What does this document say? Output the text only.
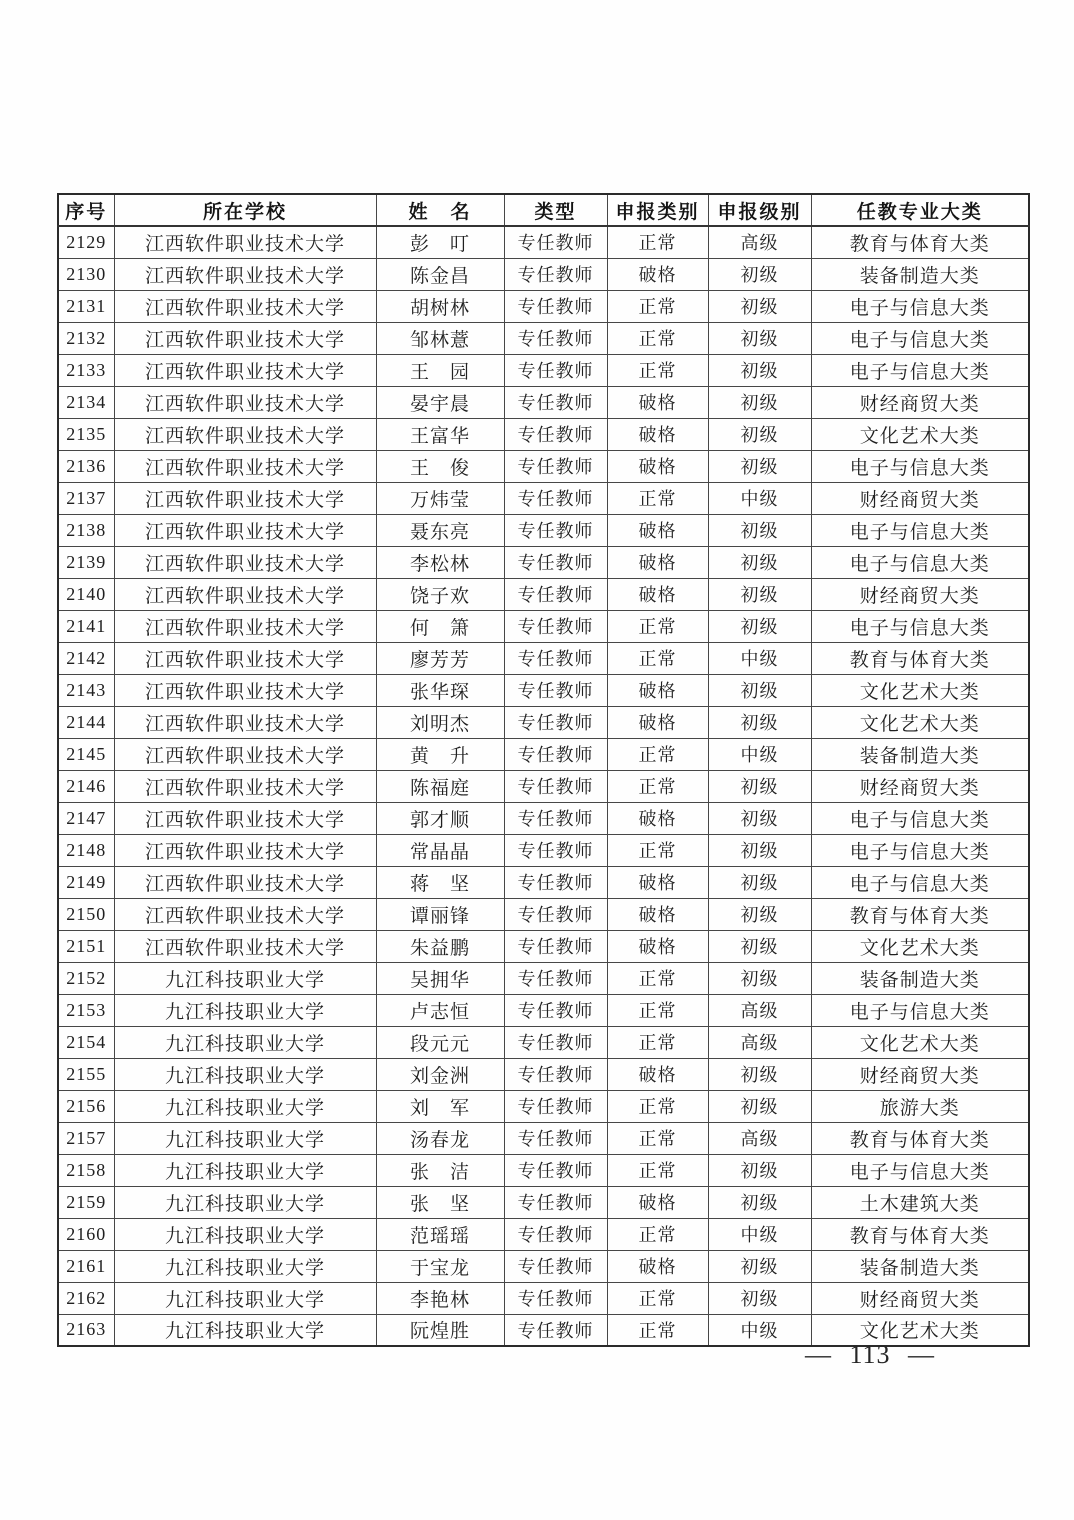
序号	所在学校	姓　名	类型	申报类别	申报级别	任教专业大类
2129	江西软件职业技术大学	彭　叮	专任教师	正常	高级	教育与体育大类
2130	江西软件职业技术大学	陈金昌	专任教师	破格	初级	装备制造大类
2131	江西软件职业技术大学	胡树林	专任教师	正常	初级	电子与信息大类
2132	江西软件职业技术大学	邹林薏	专任教师	正常	初级	电子与信息大类
2133	江西软件职业技术大学	王　园	专任教师	正常	初级	电子与信息大类
2134	江西软件职业技术大学	晏宇晨	专任教师	破格	初级	财经商贸大类
2135	江西软件职业技术大学	王富华	专任教师	破格	初级	文化艺术大类
2136	江西软件职业技术大学	王　俊	专任教师	破格	初级	电子与信息大类
2137	江西软件职业技术大学	万炜莹	专任教师	正常	中级	财经商贸大类
2138	江西软件职业技术大学	聂东亮	专任教师	破格	初级	电子与信息大类
2139	江西软件职业技术大学	李松林	专任教师	破格	初级	电子与信息大类
2140	江西软件职业技术大学	饶子欢	专任教师	破格	初级	财经商贸大类
2141	江西软件职业技术大学	何　箫	专任教师	正常	初级	电子与信息大类
2142	江西软件职业技术大学	廖芳芳	专任教师	正常	中级	教育与体育大类
2143	江西软件职业技术大学	张华琛	专任教师	破格	初级	文化艺术大类
2144	江西软件职业技术大学	刘明杰	专任教师	破格	初级	文化艺术大类
2145	江西软件职业技术大学	黄　升	专任教师	正常	中级	装备制造大类
2146	江西软件职业技术大学	陈福庭	专任教师	正常	初级	财经商贸大类
2147	江西软件职业技术大学	郭才顺	专任教师	破格	初级	电子与信息大类
2148	江西软件职业技术大学	常晶晶	专任教师	正常	初级	电子与信息大类
2149	江西软件职业技术大学	蒋　坚	专任教师	破格	初级	电子与信息大类
2150	江西软件职业技术大学	谭丽锋	专任教师	破格	初级	教育与体育大类
2151	江西软件职业技术大学	朱益鹏	专任教师	破格	初级	文化艺术大类
2152	九江科技职业大学	吴拥华	专任教师	正常	初级	装备制造大类
2153	九江科技职业大学	卢志恒	专任教师	正常	高级	电子与信息大类
2154	九江科技职业大学	段元元	专任教师	正常	高级	文化艺术大类
2155	九江科技职业大学	刘金洲	专任教师	破格	初级	财经商贸大类
2156	九江科技职业大学	刘　军	专任教师	正常	初级	旅游大类
2157	九江科技职业大学	汤春龙	专任教师	正常	高级	教育与体育大类
2158	九江科技职业大学	张　洁	专任教师	正常	初级	电子与信息大类
2159	九江科技职业大学	张　坚	专任教师	破格	初级	土木建筑大类
2160	九江科技职业大学	范瑶瑶	专任教师	正常	中级	教育与体育大类
2161	九江科技职业大学	于宝龙	专任教师	破格	初级	装备制造大类
2162	九江科技职业大学	李艳林	专任教师	正常	初级	财经商贸大类
2163	九江科技职业大学	阮煌胜	专任教师	正常	中级	文化艺术大类
— 113 —
